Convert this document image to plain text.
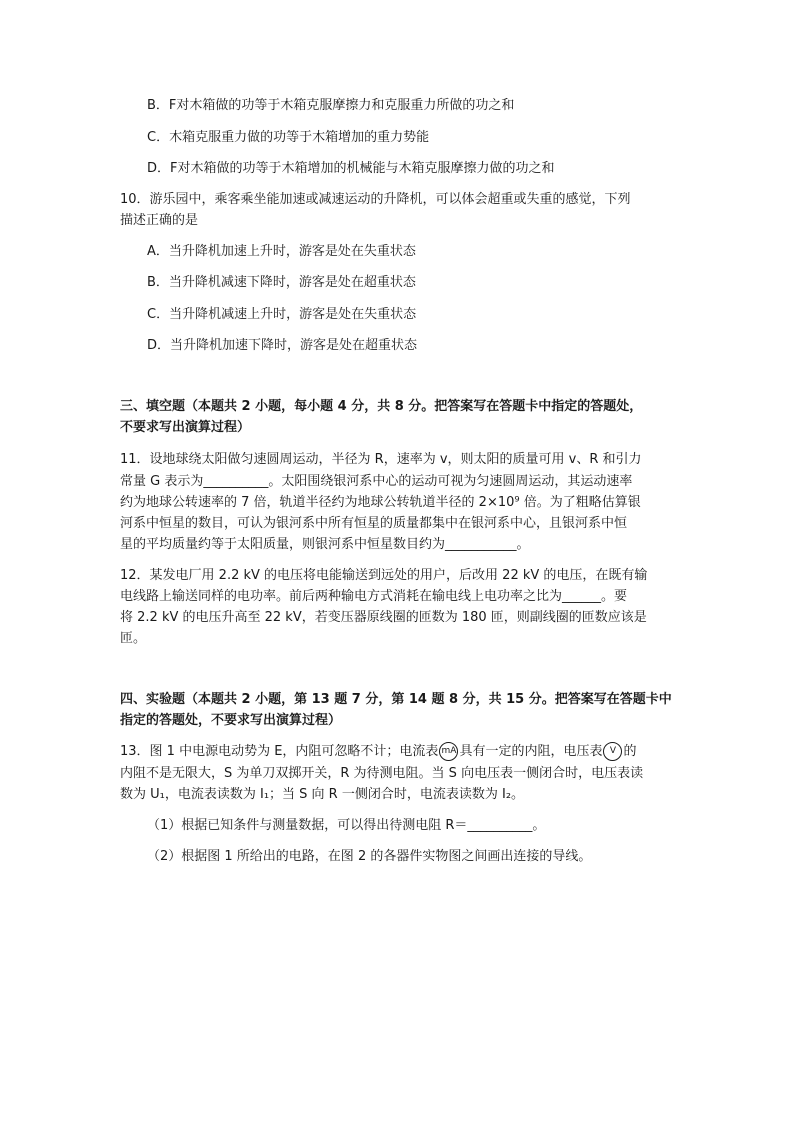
B．F对木箱做的功等于木箱克服摩擦力和克服重力所做的功之和
C．木箱克服重力做的功等于木箱增加的重力势能
D．F对木箱做的功等于木箱增加的机械能与木箱克服摩擦力做的功之和
10．游乐园中，乘客乘坐能加速或减速运动的升降机，可以体会超重或失重的感觉，下列
描述正确的是
A．当升降机加速上升时，游客是处在失重状态
B．当升降机减速下降时，游客是处在超重状态
C．当升降机减速上升时，游客是处在失重状态
D．当升降机加速下降时，游客是处在超重状态
三、填空题（本题共 2 小题，每小题 4 分，共 8 分。把答案写在答题卡中指定的答题处，
不要求写出演算过程）
11．设地球绕太阳做匀速圆周运动，半径为 R，速率为 v，则太阳的质量可用 v、R 和引力
常量 G 表示为__________。太阳围绕银河系中心的运动可视为匀速圆周运动，其运动速率
约为地球公转速率的 7 倍，轨道半径约为地球公转轨道半径的 2×10⁹ 倍。为了粗略估算银
河系中恒星的数目，可认为银河系中所有恒星的质量都集中在银河系中心，且银河系中恒
星的平均质量约等于太阳质量，则银河系中恒星数目约为___________。
12．某发电厂用 2.2 kV 的电压将电能输送到远处的用户，后改用 22 kV 的电压，在既有输
电线路上输送同样的电功率。前后两种输电方式消耗在输电线上电功率之比为______。要
将 2.2 kV 的电压升高至 22 kV，若变压器原线圈的匝数为 180 匝，则副线圈的匝数应该是
匝。
四、实验题（本题共 2 小题，第 13 题 7 分，第 14 题 8 分，共 15 分。把答案写在答题卡中
指定的答题处，不要求写出演算过程）
13．图 1 中电源电动势为 E，内阻可忽略不计；电流表 mA 具有一定的内阻，电压表 V 的
内阻不是无限大，S 为单刀双掷开关，R 为待测电阻。当 S 向电压表一侧闭合时，电压表读
数为 U₁，电流表读数为 I₁；当 S 向 R 一侧闭合时，电流表读数为 I₂。
（1）根据已知条件与测量数据，可以得出待测电阻 R＝__________。
（2）根据图 1 所给出的电路，在图 2 的各器件实物图之间画出连接的导线。
